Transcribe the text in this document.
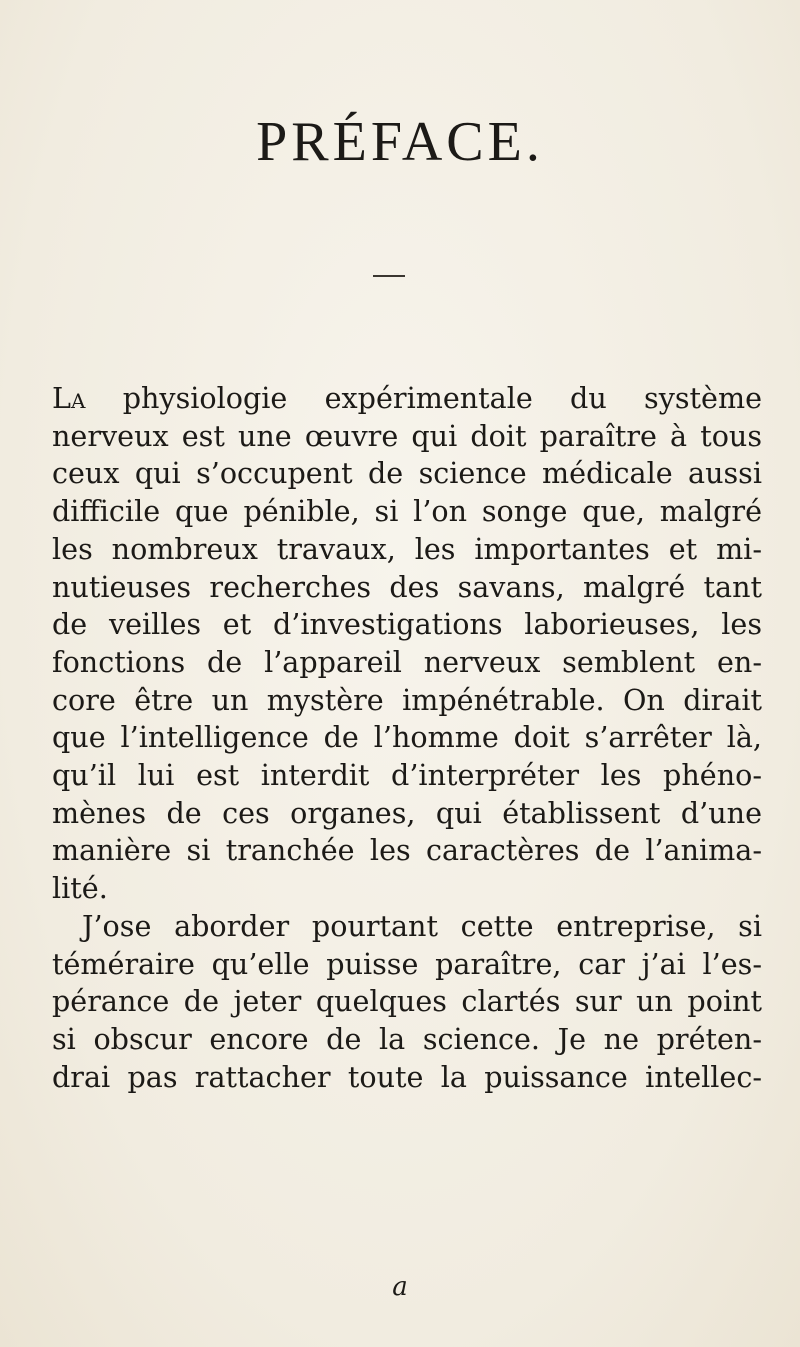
PRÉFACE.
La physiologie expérimentale du système
nerveux est une œuvre qui doit paraître à tous
ceux qui s’occupent de science médicale aussi
difficile que pénible, si l’on songe que, malgré
les nombreux travaux, les importantes et mi-
nutieuses recherches des savans, malgré tant
de veilles et d’investigations laborieuses, les
fonctions de l’appareil nerveux semblent en-
core être un mystère impénétrable. On dirait
que l’intelligence de l’homme doit s’arrêter là,
qu’il lui est interdit d’interpréter les phéno-
mènes de ces organes, qui établissent d’une
manière si tranchée les caractères de l’anima-
lité.
J’ose aborder pourtant cette entreprise, si
téméraire qu’elle puisse paraître, car j’ai l’es-
pérance de jeter quelques clartés sur un point
si obscur encore de la science. Je ne préten-
drai pas rattacher toute la puissance intellec-
a
